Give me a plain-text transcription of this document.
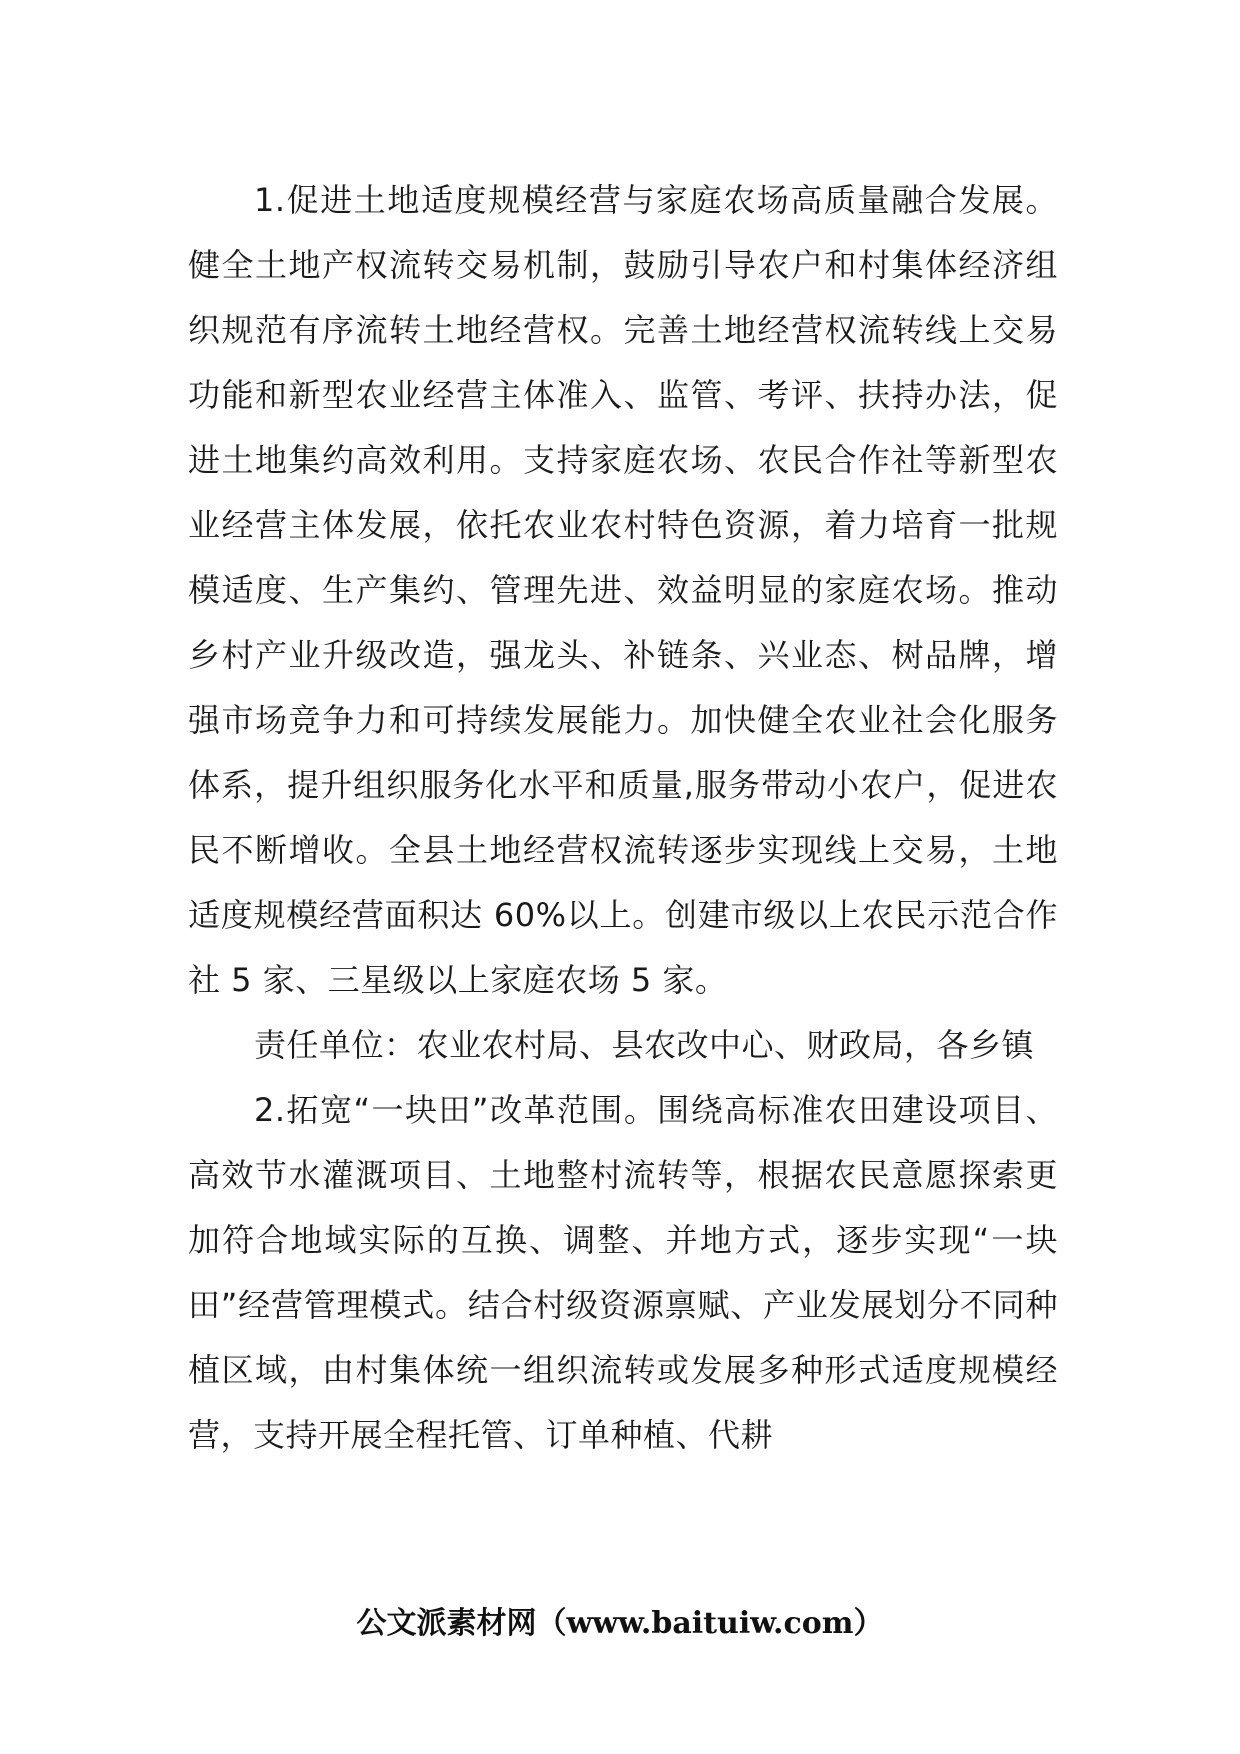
1.促进土地适度规模经营与家庭农场高质量融合发展。健全土地产权流转交易机制，鼓励引导农户和村集体经济组织规范有序流转土地经营权。完善土地经营权流转线上交易功能和新型农业经营主体准入、监管、考评、扶持办法，促进土地集约高效利用。支持家庭农场、农民合作社等新型农业经营主体发展，依托农业农村特色资源，着力培育一批规模适度、生产集约、管理先进、效益明显的家庭农场。推动乡村产业升级改造，强龙头、补链条、兴业态、树品牌，增强市场竞争力和可持续发展能力。加快健全农业社会化服务体系，提升组织服务化水平和质量,服务带动小农户，促进农民不断增收。全县土地经营权流转逐步实现线上交易，土地适度规模经营面积达 60%以上。创建市级以上农民示范合作社 5 家、三星级以上家庭农场 5 家。

责任单位：农业农村局、县农改中心、财政局，各乡镇

2.拓宽“一块田”改革范围。围绕高标准农田建设项目、高效节水灌溉项目、土地整村流转等，根据农民意愿探索更加符合地域实际的互换、调整、并地方式，逐步实现“一块田”经营管理模式。结合村级资源禀赋、产业发展划分不同种植区域，由村集体统一组织流转或发展多种形式适度规模经营，支持开展全程托管、订单种植、代耕

公文派素材网（www.baituiw.com）
